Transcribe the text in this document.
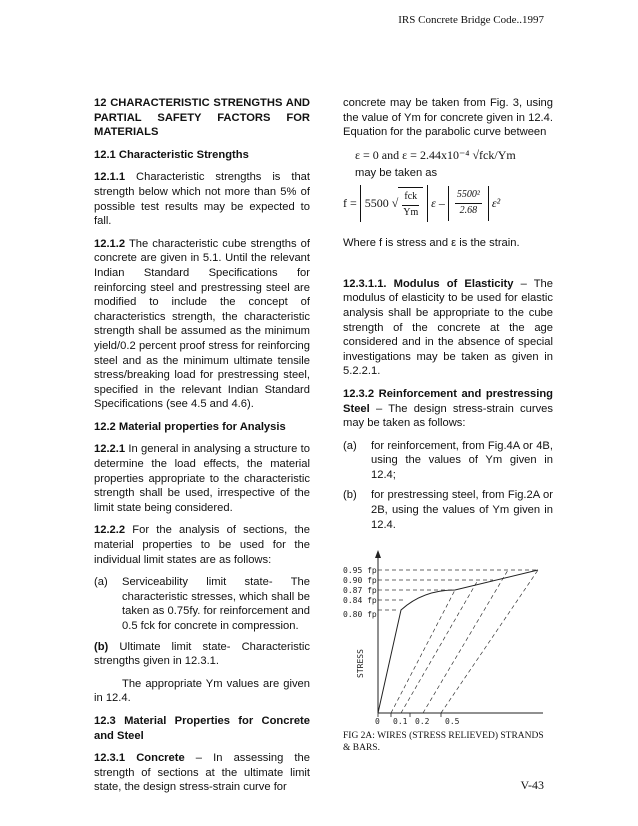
IRS Concrete Bridge Code..1997

12 CHARACTERISTIC STRENGTHS AND PARTIAL SAFETY FACTORS FOR MATERIALS

12.1 Characteristic Strengths

12.1.1 Characteristic strengths is that strength below which not more than 5% of possible test results may be expected to fall.

12.1.2 The characteristic cube strengths of concrete are given in 5.1. Until the relevant Indian Standard Specifications for reinforcing steel and prestressing steel are modified to include the concept of characteristics strength, the characteristic strength shall be assumed as the minimum yield/0.2 percent proof stress for reinforcing steel and as the minimum ultimate tensile stress/breaking load for prestressing steel, specified in the relevant Indian Standard Specifications (see 4.5 and 4.6).

12.2 Material properties for Analysis

12.2.1 In general in analysing a structure to determine the load effects, the material properties appropriate to the characteristic strength shall be used, irrespective of the limit state being considered.

12.2.2 For the analysis of sections, the material properties to be used for the individual limit states are as follows:

(a)	Serviceability limit state- The characteristic stresses, which shall be taken as 0.75fy. for reinforcement and 0.5 fck for concrete in compression.

(b) Ultimate limit state- Characteristic strengths given in 12.3.1.

The appropriate Ym values are given in 12.4.

12.3 Material Properties for Concrete and Steel

12.3.1 Concrete – In assessing the strength of sections at the ultimate limit state, the design stress-strain curve for

concrete may be taken from Fig. 3, using the value of Ym for concrete given in 12.4. Equation for the parabolic curve between

ε = 0 and ε = 2.44x10⁻⁴ √fck/Ym
may be taken as
f = 5500 √ $\frac{\text{fck}}{Ym}$ ε – $\frac{\text{5500²}}{2.68} \varepsilon^2$

Where f is stress and ε is the strain.

12.3.1.1. Modulus of Elasticity – The modulus of elasticity to be used for elastic analysis shall be appropriate to the cube strength of the concrete at the age considered and in the absence of special investigations may be taken as given in 5.2.2.1.

12.3.2 Reinforcement and prestressing Steel – The design stress-strain curves may be taken as follows:

(a)	for reinforcement, from Fig.4A or 4B, using the values of Ym given in 12.4;
(b)	for prestressing steel, from Fig.2A or 2B, using the values of Ym given in 12.4.
0.95 fp
0.90 fp
0.87 fp
0.84 fp
0.80 fp
0 0.1 0.2 0.5
STRESS
FIG 2A: WIRES (STRESS RELIEVED) STRANDS & BARS.
V-43
